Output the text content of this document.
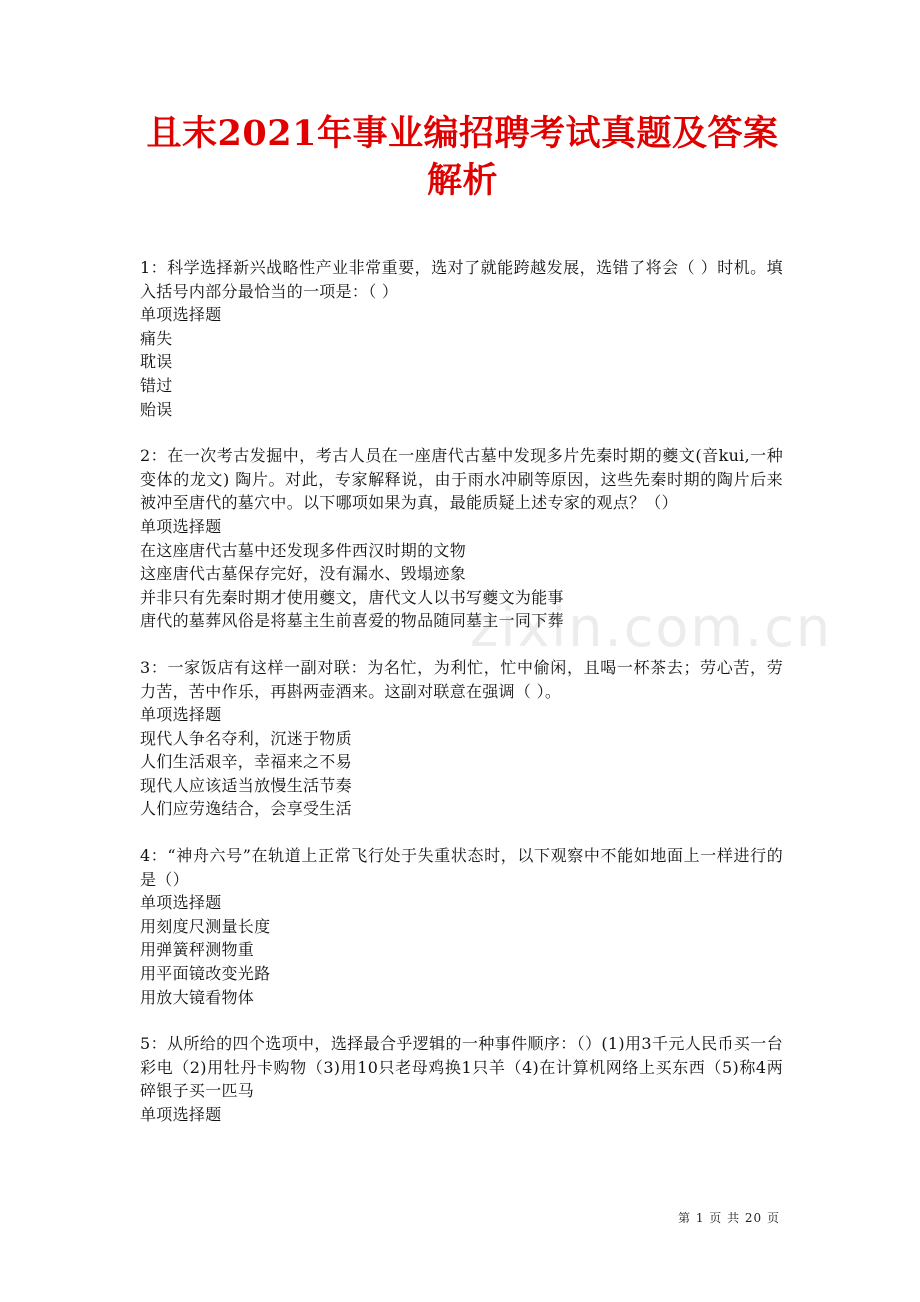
zixin.com.cn
且末2021年事业编招聘考试真题及答案解析
1：科学选择新兴战略性产业非常重要，选对了就能跨越发展，选错了将会（ ）时机。填入括号内部分最恰当的一项是：（ ）
单项选择题
痛失
耽误
错过
贻误
2：在一次考古发掘中，考古人员在一座唐代古墓中发现多片先秦时期的夔文(音kui,一种变体的龙文) 陶片。对此，专家解释说，由于雨水冲刷等原因，这些先秦时期的陶片后来被冲至唐代的墓穴中。以下哪项如果为真，最能质疑上述专家的观点？（）
单项选择题
在这座唐代古墓中还发现多件西汉时期的文物
这座唐代古墓保存完好，没有漏水、毁塌迹象
并非只有先秦时期才使用夔文，唐代文人以书写夔文为能事
唐代的墓葬风俗是将墓主生前喜爱的物品随同墓主一同下葬
3：一家饭店有这样一副对联：为名忙，为利忙，忙中偷闲，且喝一杯茶去；劳心苦，劳力苦，苦中作乐，再斟两壶酒来。这副对联意在强调（ ）。
单项选择题
现代人争名夺利，沉迷于物质
人们生活艰辛，幸福来之不易
现代人应该适当放慢生活节奏
人们应劳逸结合，会享受生活
4：“神舟六号”在轨道上正常飞行处于失重状态时，以下观察中不能如地面上一样进行的是（）
单项选择题
用刻度尺测量长度
用弹簧秤测物重
用平面镜改变光路
用放大镜看物体
5：从所给的四个选项中，选择最合乎逻辑的一种事件顺序：（）(1)用3千元人民币买一台彩电（2)用牡丹卡购物（3)用10只老母鸡换1只羊（4)在计算机网络上买东西（5)称4两碎银子买一匹马
单项选择题
第 1 页 共 20 页
